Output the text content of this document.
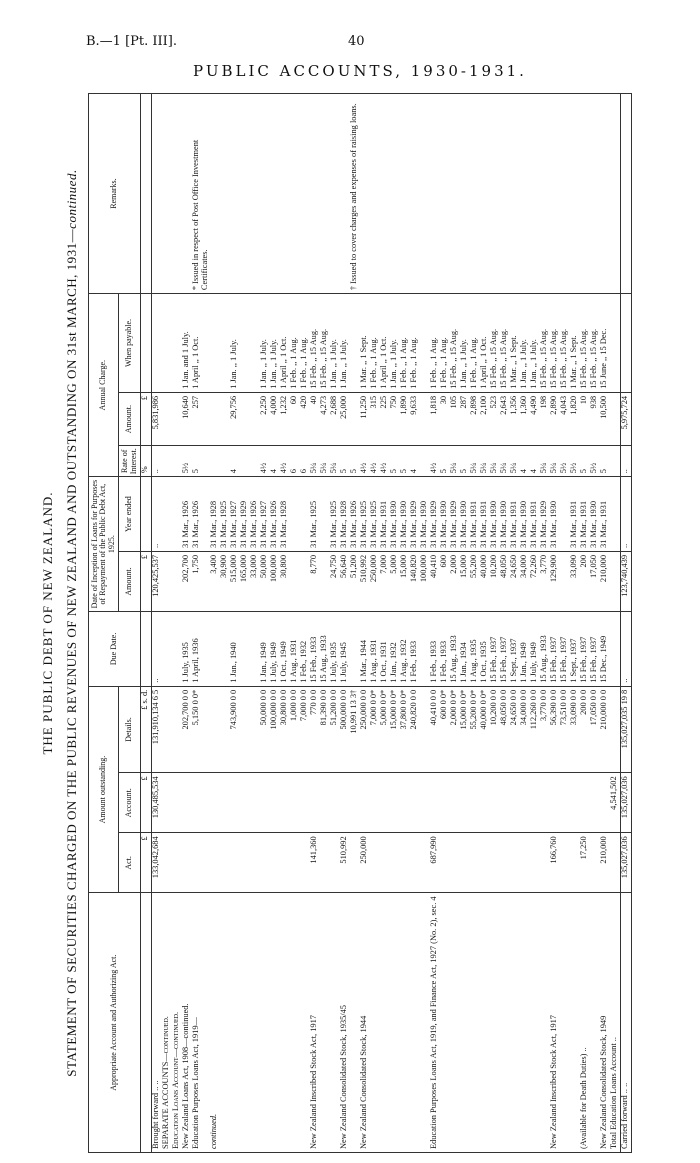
B.—1 [Pt. III].	40
PUBLIC ACCOUNTS, 1930-1931.
THE PUBLIC DEBT OF NEW ZEALAND. STATEMENT OF SECURITIES CHARGED ON THE PUBLIC REVENUES OF NEW ZEALAND AND OUTSTANDING ON 31st MARCH, 1931—continued.
Appropriate Account and Authorizing Act.	Amount outstanding.			Due Date.	Date of Inception of Loans for Purposes of Repayment of the Public Debt Act, 1925.		Annual Charge.			Remarks.
	Act.	Account.	Details.		Amount.	Year ended	Rate of Interest.	Amount.	When payable.	
	£	£	£ s. d.		£		%	£		
Brought forward .. ..	133,042,684	130,485,534	131,910,134 6 5	..	120,425,537	..	..	5,831,986		
SEPARATE ACCOUNTS—continued.										
Education Loans Account—continued.										
New Zealand Loans Act, 1908—continued.			202,700 0 0	1 July, 1935	202,700	31 Mar., 1926	5½	10,640	1 Jan. and 1 July.	
Education Purposes Loans Act, 1919—			5,150 0 0*	1 April, 1936	1,750	31 Mar., 1926	5	257	1 April ,, 1 Oct.	* Issued in respect of Post Office Investment Certificates.
continued.					3,400	31 Mar., 1928				
					30,900	31 Mar., 1925				
			743,900 0 0	1 Jan., 1940	515,000	31 Mar., 1927	4	29,756	1 Jan. ,, 1 July.	
					165,000	31 Mar., 1929				
					33,000	31 Mar., 1926				
			50,000 0 0	1 Jan., 1949	50,000	31 Mar., 1927	4½	2,250	1 Jan. ,, 1 July.	
			100,000 0 0	1 July, 1949	100,000	31 Mar., 1926	4	4,000	1 Jan. ,, 1 July.	
			30,800 0 0	1 Oct., 1949	30,800	31 Mar., 1928	4½	1,232	1 April ,, 1 Oct.	
			1,000 0 0	1 Aug., 1931			6	60	1 Feb. ,, 1 Aug.	
			7,000 0 0	1 Feb., 1932			6	420	1 Feb. ,, 1 Aug.	
New Zealand Inscribed Stock Act, 1917	141,360		770 0 0	15 Feb., 1933	8,770	31 Mar., 1925	5¼	40	15 Feb. ,, 15 Aug.	
			81,390 0 0	15 Aug., 1933			5¼	4,273	15 Feb. ,, 15 Aug.	
			51,200 0 0	1 July, 1935	24,750	31 Mar., 1925	5¼	2,688	1 Jan. ,, 1 July.	
New Zealand Consolidated Stock, 1935/45	510,992		500,000 0 0	1 July, 1945	56,640	31 Mar., 1928	5	25,000	1 Jan. ,, 1 July.	
			10,991 13 3†		51,200	31 Mar., 1926	5			† Issued to cover charges and expenses of raising loans.
New Zealand Consolidated Stock, 1944	250,000		250,000 0 0	1 Mar., 1944	510,992	31 Mar., 1925	4½	11,250	1 Mar. ,, 1 Sept.	
			7,000 0 0*	1 Aug., 1931	250,000	31 Mar., 1925	4½	315	1 Feb. ,, 1 Aug.	
			5,000 0 0*	1 Oct., 1931	7,000	31 Mar., 1931	4½	225	1 April ,, 1 Oct.	
			15,000 0 0*	1 Jan., 1932	5,000	31 Mar., 1930	5	750	1 Jan. ,, 1 July.	
			37,800 0 0*	1 Aug., 1932	15,000	31 Mar., 1930	5	1,890	1 Feb. ,, 1 Aug.	
			240,820 0 0	1 Feb., 1933	140,820	31 Mar., 1929	4	9,633	1 Feb. ,, 1 Aug.	
					100,000	31 Mar., 1930				
Education Purposes Loans Act, 1919, and Finance Act, 1927 (No. 2), sec. 4	687,990		40,410 0 0	1 Feb., 1933	40,410	31 Mar., 1929	4½	1,818	1 Feb. ,, 1 Aug.	
			600 0 0*	1 Feb., 1933	600	31 Mar., 1930	5	30	1 Feb. ,, 1 Aug.	
			2,000 0 0*	15 Aug., 1933	2,000	31 Mar., 1929	5¼	105	15 Feb. ,, 15 Aug.	
			15,000 0 0*	1 Jan., 1934	15,000	31 Mar., 1930	5	287	1 Jan. ,, 1 July.	
			55,200 0 0*	1 Aug., 1935	55,200	31 Mar., 1931	5¼	2,898	1 Feb. ,, 1 Aug.	
			40,000 0 0*	1 Oct., 1935	40,000	31 Mar., 1931	5¼	2,100	1 April ,, 1 Oct.	
			10,200 0 0	15 Feb., 1937	10,200	31 Mar., 1930	5¼	523	15 Feb. ,, 15 Aug.	
			48,050 0 0	15 Feb., 1937	48,050	31 Mar., 1930	5¼	2,643	15 Feb. ,, 15 Aug.	
			24,650 0 0	1 Sept., 1937	24,650	31 Mar., 1931	5¼	1,356	1 Mar. ,, 1 Sept.	
			34,000 0 0	1 Jan., 1949	34,000	31 Mar., 1930	4	1,360	1 Jan. ,, 1 July.	
			112,260 0 0	1 July, 1949	72,260	31 Mar., 1931	4	4,490	1 Jan. ,, 1 July.	
			3,770 0 0	15 Aug., 1933	3,770	31 Mar., 1929	5¼	198	15 Feb. ,, 15 Aug.	
New Zealand Inscribed Stock Act, 1917	166,760		56,390 0 0	15 Feb., 1937	129,900	31 Mar., 1930	5¼	2,890	15 Feb. ,, 15 Aug.	
			73,510 0 0	15 Feb., 1937			5½	4,043	15 Feb. ,, 15 Aug.	
			33,090 0 0	1 Sept., 1937	33,090	31 Mar., 1931	5½	1,820	1 Mar. ,, 1 Sept.	
(Available for Death Duties) ..	17,250		200 0 0	15 Feb., 1937	200	31 Mar., 1931	5	10	15 Feb. ,, 15 Aug.	
			17,050 0 0	15 Feb., 1937	17,050	31 Mar., 1930	5½	938	15 Feb. ,, 15 Aug.	
New Zealand Consolidated Stock, 1949	210,000		210,000 0 0	15 Dec., 1949	210,000	31 Mar., 1931	5	10,500	15 June ,, 15 Dec.	
Total Education Loans Account ..		4,541,502								
Carried forward .. ..	135,027,036	135,027,036	135,027,035 19 8	..	123,740,439	..	..	5,975,724		
